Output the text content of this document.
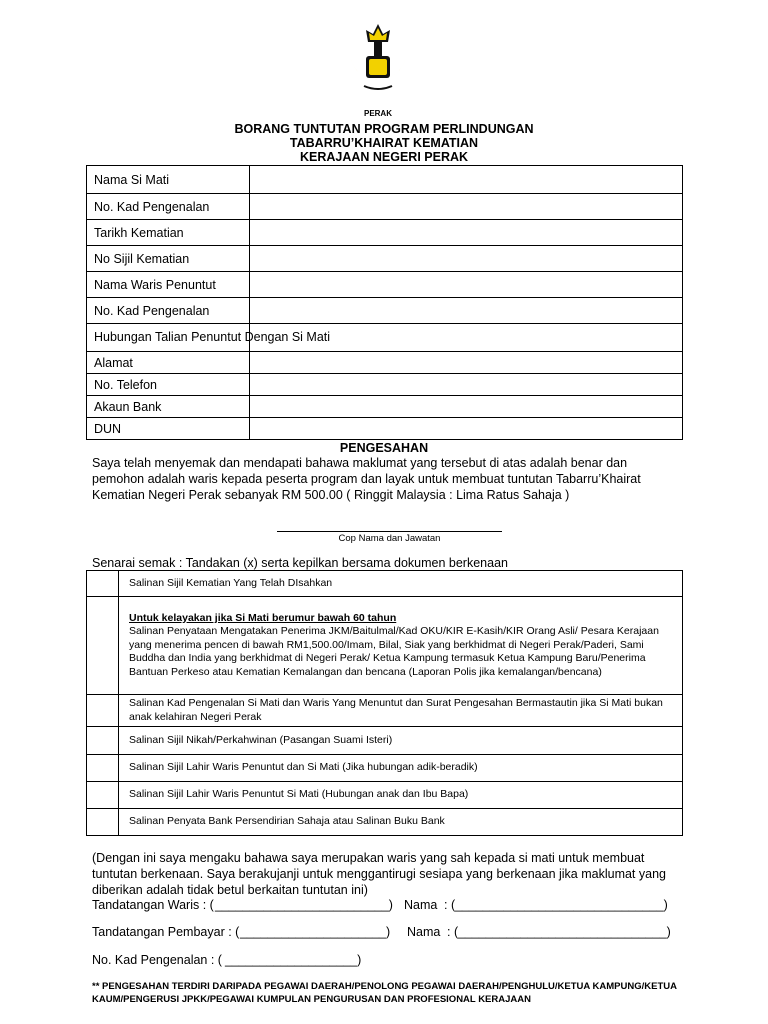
PERAK
BORANG TUNTUTAN PROGRAM PERLINDUNGAN
TABARRU’KHAIRAT KEMATIAN
KERAJAAN NEGERI PERAK
Nama Si Mati	
No. Kad Pengenalan	
Tarikh Kematian	
No Sijil Kematian	
Nama Waris Penuntut	
No. Kad Pengenalan	
Hubungan Talian Penuntut Dengan Si Mati	
Alamat	
No. Telefon	
Akaun Bank	
DUN	
PENGESAHAN
Saya telah menyemak dan mendapati bahawa maklumat yang tersebut di atas adalah benar dan pemohon adalah waris kepada peserta program dan layak untuk membuat tuntutan Tabarru’Khairat Kematian Negeri Perak sebanyak RM 500.00 ( Ringgit Malaysia : Lima Ratus Sahaja )
Cop Nama dan Jawatan
Senarai semak : Tandakan (x) serta kepilkan bersama dokumen berkenaan
	Salinan Sijil Kematian Yang Telah DIsahkan

	Untuk kelayakan jika Si Mati berumur bawah 60 tahun
Salinan Penyataan Mengatakan Penerima JKM/Baitulmal/Kad OKU/KIR E-Kasih/KIR Orang Asli/ Pesara Kerajaan yang menerima pencen di bawah RM1,500.00/Imam, Bilal, Siak yang berkhidmat di Negeri Perak/Paderi, Sami Buddha dan India yang berkhidmat di Negeri Perak/ Ketua Kampung termasuk Ketua Kampung Baru/Penerima Bantuan Perkeso atau Kematian Kemalangan dan bencana (Laporan Polis jika kemalangan/bencana)

	Salinan Kad Pengenalan Si Mati dan Waris Yang Menuntut dan Surat Pengesahan Bermastautin jika Si Mati bukan anak kelahiran Negeri Perak
	Salinan Sijil Nikah/Perkahwinan (Pasangan Suami Isteri)
	Salinan Sijil Lahir Waris Penuntut dan Si Mati (Jika hubungan adik-beradik)
	Salinan Sijil Lahir Waris Penuntut Si Mati (Hubungan anak dan Ibu Bapa)
	Salinan Penyata Bank Persendirian Sahaja atau Salinan Buku Bank
(Dengan ini saya mengaku bahawa saya merupakan waris yang sah kepada si mati untuk membuat tuntutan berkenaan. Saya berakujanji untuk menggantirugi sesiapa yang berkenaan jika maklumat yang diberikan adalah tidak betul berkaitan tuntutan ini)
Tandatangan Waris : ( _________________________) Nama : (______________________________)
Tandatangan Pembayar : ( _____________________) Nama : (______________________________)
No. Kad Pengenalan : ( ___________________)
** PENGESAHAN TERDIRI DARIPADA PEGAWAI DAERAH/PENOLONG PEGAWAI DAERAH/PENGHULU/KETUA KAMPUNG/KETUA KAUM/PENGERUSI JPKK/PEGAWAI KUMPULAN PENGURUSAN DAN PROFESIONAL KERAJAAN
